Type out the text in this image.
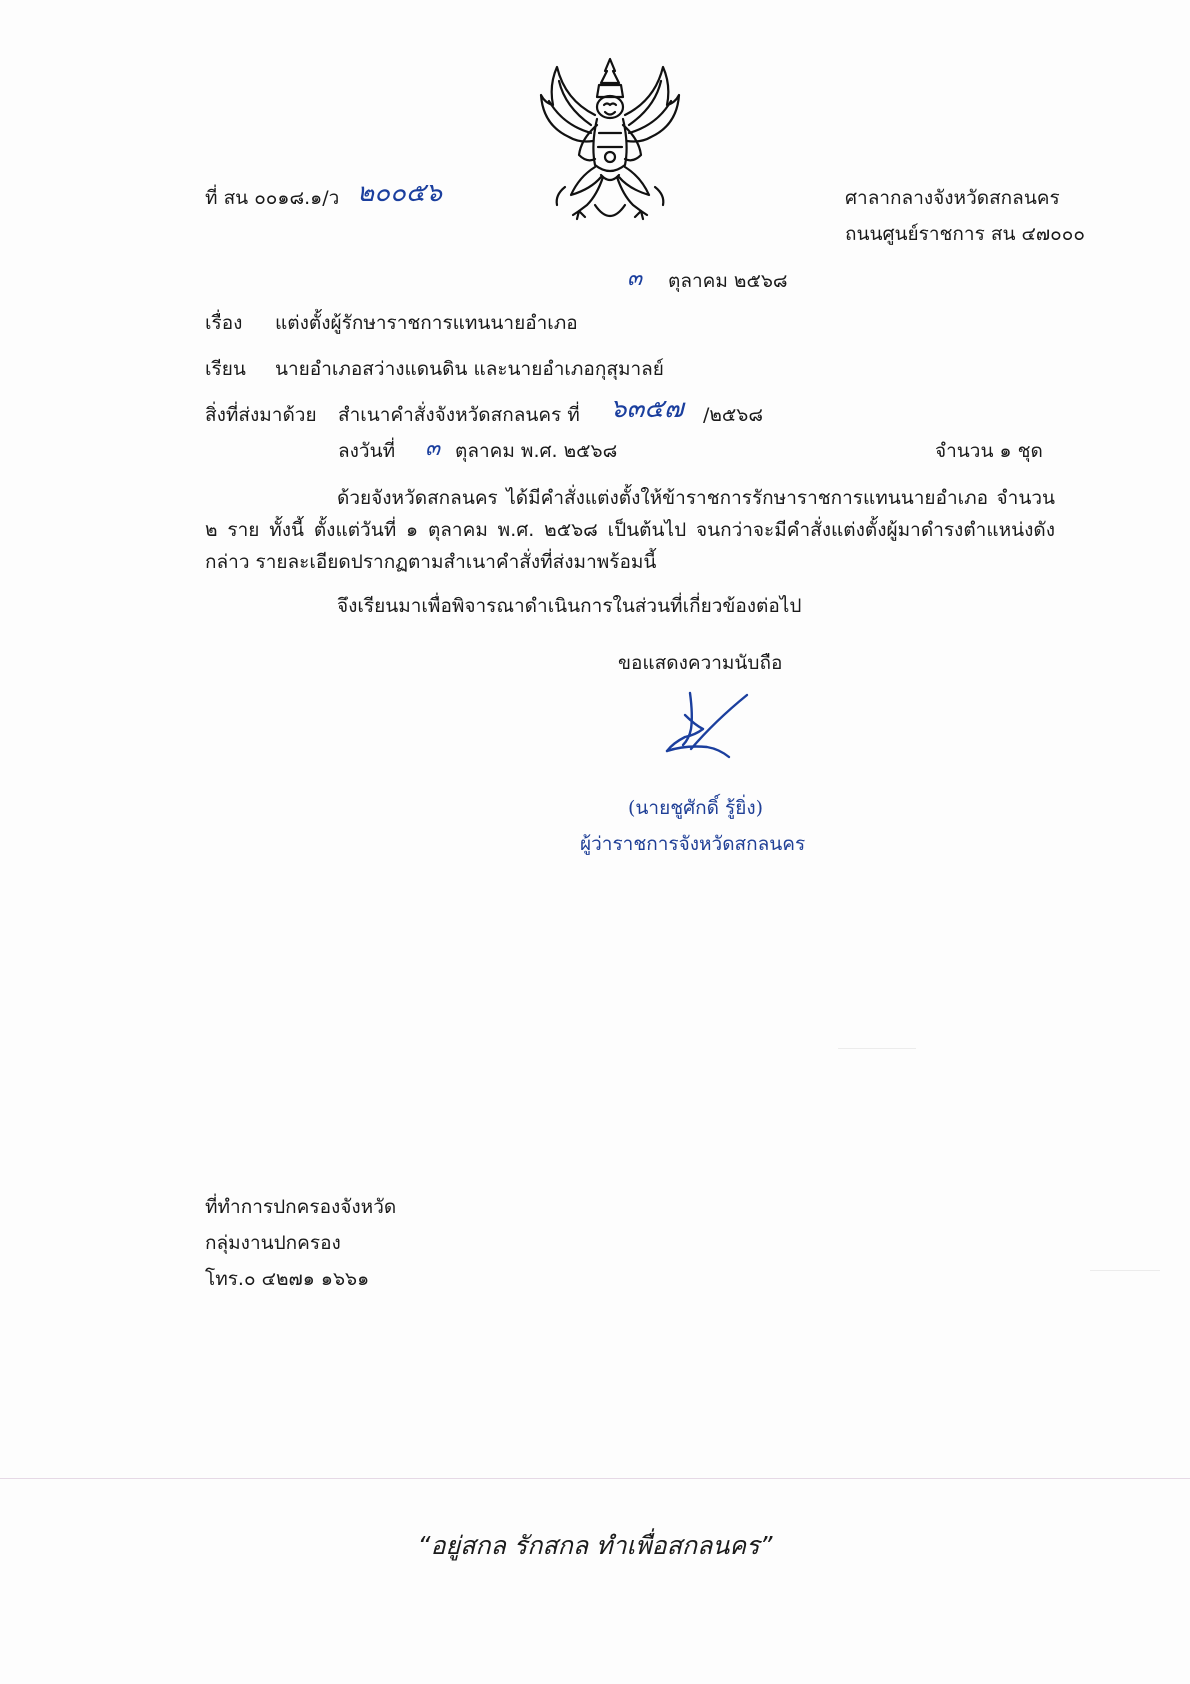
ที่ สน ๐๐๑๘.๑/ว ๒๐๐๕๖	ศาลากลางจังหวัดสกลนคร
ถนนศูนย์ราชการ สน ๔๗๐๐๐
๓ ตุลาคม ๒๕๖๘
เรื่อง แต่งตั้งผู้รักษาราชการแทนนายอำเภอ
เรียน นายอำเภอสว่างแดนดิน และนายอำเภอกุสุมาลย์
สิ่งที่ส่งมาด้วย สำเนาคำสั่งจังหวัดสกลนคร ที่ ๖๓๕๗ /๒๕๖๘
ลงวันที่ ๓ ตุลาคม พ.ศ. ๒๕๖๘	จำนวน ๑ ชุด
ด้วยจังหวัดสกลนคร ได้มีคำสั่งแต่งตั้งให้ข้าราชการรักษาราชการแทนนายอำเภอ จำนวน ๒ ราย ทั้งนี้ ตั้งแต่วันที่ ๑ ตุลาคม พ.ศ. ๒๕๖๘ เป็นต้นไป จนกว่าจะมีคำสั่งแต่งตั้งผู้มาดำรงตำแหน่งดังกล่าว รายละเอียดปรากฏตามสำเนาคำสั่งที่ส่งมาพร้อมนี้
จึงเรียนมาเพื่อพิจารณาดำเนินการในส่วนที่เกี่ยวข้องต่อไป
ขอแสดงความนับถือ
(นายชูศักดิ์ รู้ยิ่ง)
ผู้ว่าราชการจังหวัดสกลนคร
ที่ทำการปกครองจังหวัด
กลุ่มงานปกครอง
โทร.๐ ๔๒๗๑ ๑๖๖๑
“อยู่สกล รักสกล ทำเพื่อสกลนคร”
